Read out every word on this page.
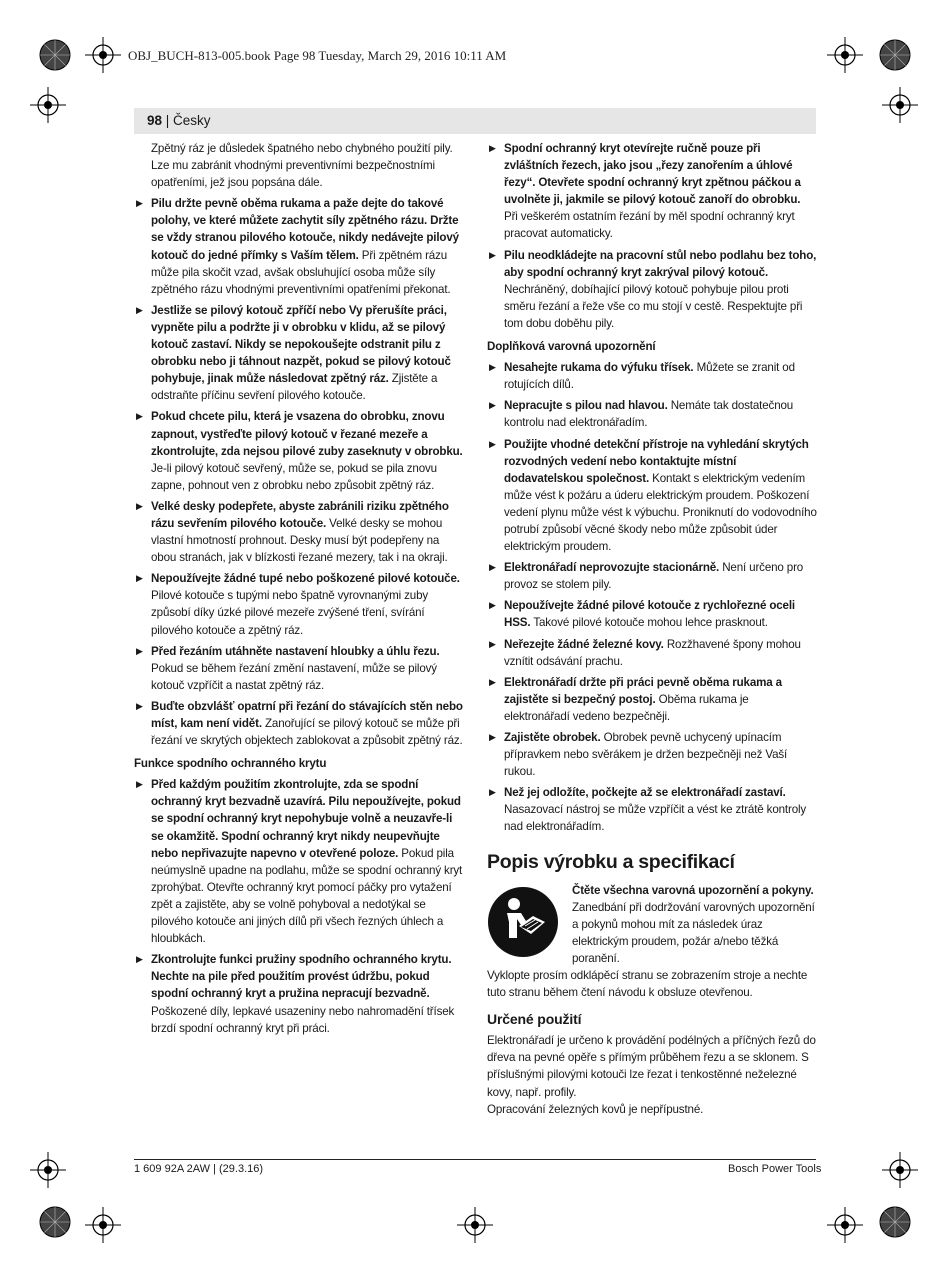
OBJ_BUCH-813-005.book Page 98 Tuesday, March 29, 2016 10:11 AM
98 | Česky

Zpětný ráz je důsledek špatného nebo chybného použití pily. Lze mu zabránit vhodnými preventivními bezpečnostními opatřeními, jež jsou popsána dále.

▶ Pilu držte pevně oběma rukama a paže dejte do takové polohy, ve které můžete zachytit síly zpětného rázu. Držte se vždy stranou pilového kotouče, nikdy nedávejte pilový kotouč do jedné přímky s Vaším tělem. Při zpětném rázu může pila skočit vzad, avšak obsluhující osoba může síly zpětného rázu vhodnými preventivními opatřeními překonat.

▶ Jestliže se pilový kotouč zpříčí nebo Vy přerušíte práci, vypněte pilu a podržte ji v obrobku v klidu, až se pilový kotouč zastaví. Nikdy se nepokoušejte odstranit pilu z obrobku nebo ji táhnout nazpět, pokud se pilový kotouč pohybuje, jinak může následovat zpětný ráz. Zjistěte a odstraňte příčinu sevření pilového kotouče.

▶ Pokud chcete pilu, která je vsazena do obrobku, znovu zapnout, vystřeďte pilový kotouč v řezané mezeře a zkontrolujte, zda nejsou pilové zuby zaseknuty v obrobku. Je-li pilový kotouč sevřený, může se, pokud se pila znovu zapne, pohnout ven z obrobku nebo způsobit zpětný ráz.

▶ Velké desky podepřete, abyste zabránili riziku zpětného rázu sevřením pilového kotouče. Velké desky se mohou vlastní hmotností prohnout. Desky musí být podepřeny na obou stranách, jak v blízkosti řezané mezery, tak i na okraji.

▶ Nepoužívejte žádné tupé nebo poškozené pilové kotouče. Pilové kotouče s tupými nebo špatně vyrovnanými zuby způsobí díky úzké pilové mezeře zvýšené tření, svírání pilového kotouče a zpětný ráz.

▶ Před řezáním utáhněte nastavení hloubky a úhlu řezu. Pokud se během řezání změní nastavení, může se pilový kotouč vzpříčit a nastat zpětný ráz.

▶ Buďte obzvlášť opatrní při řezání do stávajících stěn nebo míst, kam není vidět. Zanořující se pilový kotouč se může při řezání ve skrytých objektech zablokovat a způsobit zpětný ráz.

Funkce spodního ochranného krytu

▶ Před každým použitím zkontrolujte, zda se spodní ochranný kryt bezvadně uzavírá. Pilu nepoužívejte, pokud se spodní ochranný kryt nepohybuje volně a neuzavře-li se okamžitě. Spodní ochranný kryt nikdy neupevňujte nebo nepřivazujte napevno v otevřené poloze. Pokud pila neúmyslně upadne na podlahu, může se spodní ochranný kryt zprohýbat. Otevřte ochranný kryt pomocí páčky pro vytažení zpět a zajistěte, aby se volně pohyboval a nedotýkal se pilového kotouče ani jiných dílů při všech řezných úhlech a hloubkách.

▶ Zkontrolujte funkci pružiny spodního ochranného krytu. Nechte na pile před použitím provést údržbu, pokud spodní ochranný kryt a pružina nepracují bezvadně. Poškozené díly, lepkavé usazeniny nebo nahromadění třísek brzdí spodní ochranný kryt při práci.

▶ Spodní ochranný kryt otevírejte ručně pouze při zvláštních řezech, jako jsou „řezy zanořením a úhlové řezy“. Otevřete spodní ochranný kryt zpětnou páčkou a uvolněte ji, jakmile se pilový kotouč zanoří do obrobku. Při veškerém ostatním řezání by měl spodní ochranný kryt pracovat automaticky.

▶ Pilu neodkládejte na pracovní stůl nebo podlahu bez toho, aby spodní ochranný kryt zakrýval pilový kotouč. Nechráněný, dobíhající pilový kotouč pohybuje pilou proti směru řezání a řeže vše co mu stojí v cestě. Respektujte při tom dobu doběhu pily.

Doplňková varovná upozornění

▶ Nesahejte rukama do výfuku třísek. Můžete se zranit od rotujících dílů.

▶ Nepracujte s pilou nad hlavou. Nemáte tak dostatečnou kontrolu nad elektronářadím.

▶ Použijte vhodné detekční přístroje na vyhledání skrytých rozvodných vedení nebo kontaktujte místní dodavatelskou společnost. Kontakt s elektrickým vedením může vést k požáru a úderu elektrickým proudem. Poškození vedení plynu může vést k výbuchu. Proniknutí do vodovodního potrubí způsobí věcné škody nebo může způsobit úder elektrickým proudem.

▶ Elektronářadí neprovozujte stacionárně. Není určeno pro provoz se stolem pily.

▶ Nepoužívejte žádné pilové kotouče z rychlořezné oceli HSS. Takové pilové kotouče mohou lehce prasknout.

▶ Neřezejte žádné železné kovy. Rozžhavené špony mohou vznítit odsávání prachu.

▶ Elektronářadí držte při práci pevně oběma rukama a zajistěte si bezpečný postoj. Oběma rukama je elektronářadí vedeno bezpečněji.

▶ Zajistěte obrobek. Obrobek pevně uchycený upínacím přípravkem nebo svěrákem je držen bezpečněji než Vaší rukou.

▶ Než jej odložíte, počkejte až se elektronářadí zastaví. Nasazovací nástroj se může vzpříčit a vést ke ztrátě kontroly nad elektronářadím.

Popis výrobku a specifikací

Čtěte všechna varovná upozornění a pokyny. Zanedbání při dodržování varovných upozornění a pokynů mohou mít za následek úraz elektrickým proudem, požár a/nebo těžká poranění.

Vyklopte prosím odklápěcí stranu se zobrazením stroje a nechte tuto stranu během čtení návodu k obsluze otevřenou.

Určené použití

Elektronářadí je určeno k provádění podélných a příčných řezů do dřeva na pevné opěře s přímým průběhem řezu a se sklonem. S příslušnými pilovými kotouči lze řezat i tenkostěnné neželezné kovy, např. profily.

Opracování železných kovů je nepřípustné.

1 609 92A 2AW | (29.3.16)	Bosch Power Tools
